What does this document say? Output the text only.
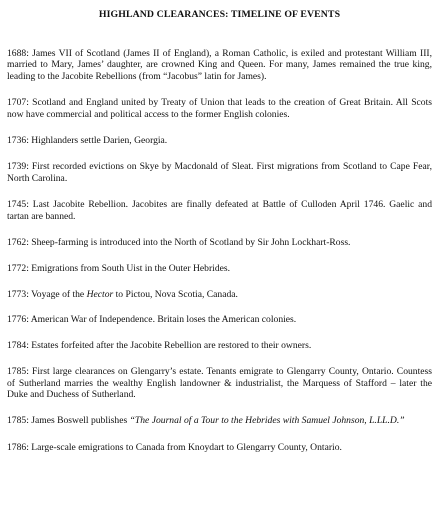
HIGHLAND CLEARANCES: TIMELINE OF EVENTS

1688: James VII of Scotland (James II of England), a Roman Catholic, is exiled and protestant William III, married to Mary, James’ daughter, are crowned King and Queen. For many, James remained the true king, leading to the Jacobite Rebellions (from “Jacobus” latin for James).

1707: Scotland and England united by Treaty of Union that leads to the creation of Great Britain. All Scots now have commercial and political access to the former English colonies.

1736: Highlanders settle Darien, Georgia.

1739: First recorded evictions on Skye by Macdonald of Sleat. First migrations from Scotland to Cape Fear, North Carolina.

1745: Last Jacobite Rebellion. Jacobites are finally defeated at Battle of Culloden April 1746. Gaelic and tartan are banned.

1762: Sheep-farming is introduced into the North of Scotland by Sir John Lockhart-Ross.

1772: Emigrations from South Uist in the Outer Hebrides.

1773: Voyage of the Hector to Pictou, Nova Scotia, Canada.

1776: American War of Independence. Britain loses the American colonies.

1784: Estates forfeited after the Jacobite Rebellion are restored to their owners.

1785: First large clearances on Glengarry’s estate. Tenants emigrate to Glengarry County, Ontario. Countess of Sutherland marries the wealthy English landowner & industrialist, the Marquess of Stafford – later the Duke and Duchess of Sutherland.

1785: James Boswell publishes “The Journal of a Tour to the Hebrides with Samuel Johnson, L.LL.D.”

1786: Large-scale emigrations to Canada from Knoydart to Glengarry County, Ontario.
